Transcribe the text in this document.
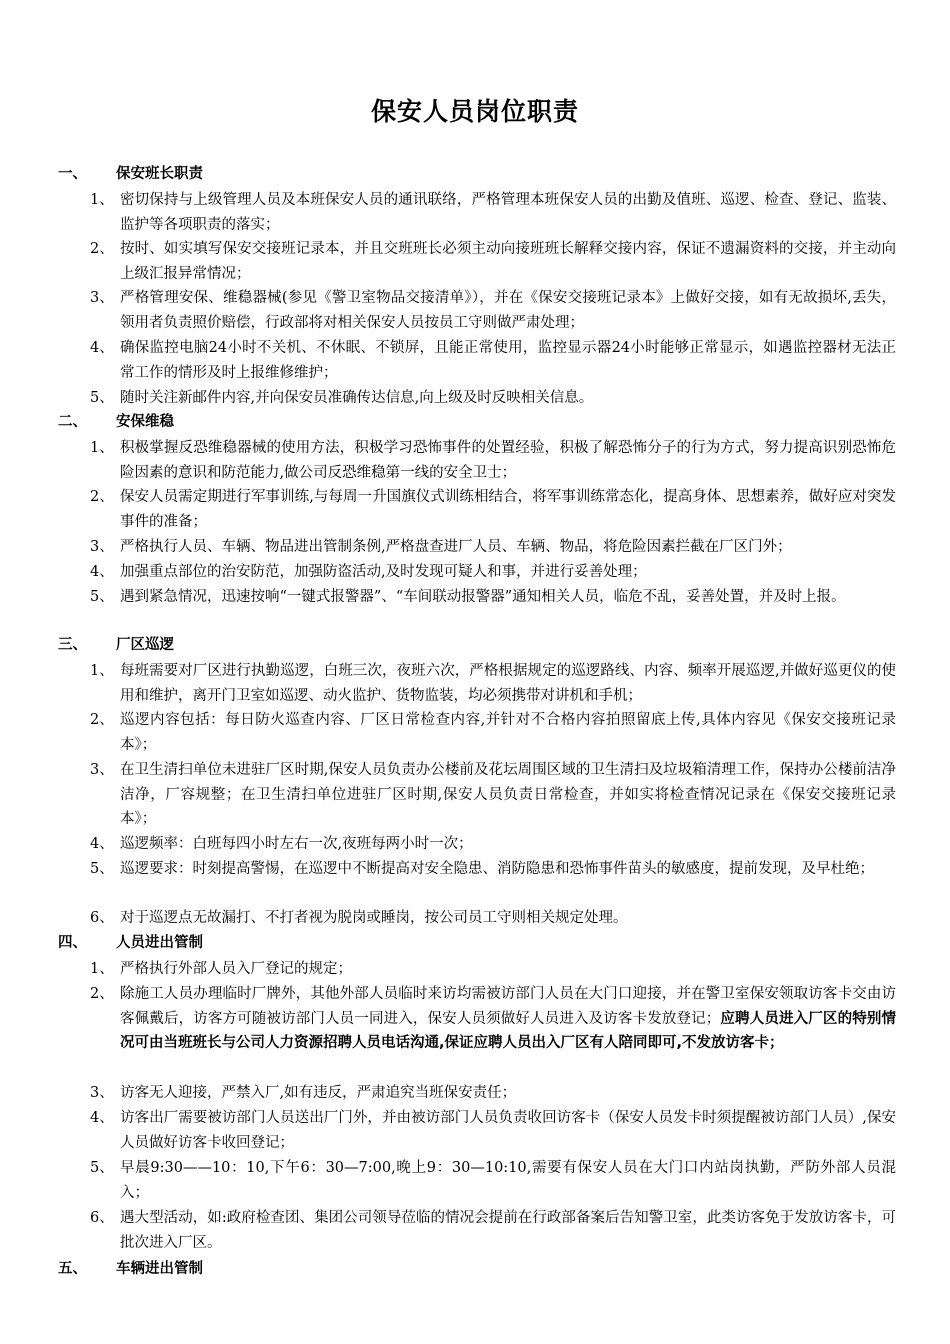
保安人员岗位职责
一、 保安班长职责
1、 密切保持与上级管理人员及本班保安人员的通讯联络，严格管理本班保安人员的出勤及值班、巡逻、检查、登记、监装、监护等各项职责的落实；
2、 按时、如实填写保安交接班记录本，并且交班班长必须主动向接班班长解释交接内容，保证不遗漏资料的交接，并主动向上级汇报异常情况；
3、 严格管理安保、维稳器械(参见《警卫室物品交接清单》），并在《保安交接班记录本》上做好交接，如有无故损坏,丢失，领用者负责照价赔偿，行政部将对相关保安人员按员工守则做严肃处理；
4、 确保监控电脑24小时不关机、不休眠、不锁屏，且能正常使用，监控显示器24小时能够正常显示，如遇监控器材无法正常工作的情形及时上报维修维护；
5、 随时关注新邮件内容,并向保安员准确传达信息,向上级及时反映相关信息。
二、 安保维稳
1、 积极掌握反恐维稳器械的使用方法，积极学习恐怖事件的处置经验，积极了解恐怖分子的行为方式，努力提高识别恐怖危险因素的意识和防范能力,做公司反恐维稳第一线的安全卫士；
2、 保安人员需定期进行军事训练,与每周一升国旗仪式训练相结合，将军事训练常态化，提高身体、思想素养，做好应对突发事件的准备；
3、 严格执行人员、车辆、物品进出管制条例,严格盘查进厂人员、车辆、物品，将危险因素拦截在厂区门外；
4、 加强重点部位的治安防范，加强防盗活动,及时发现可疑人和事，并进行妥善处理；
5、 遇到紧急情况，迅速按响“一键式报警器”、“车间联动报警器”通知相关人员，临危不乱，妥善处置，并及时上报。
三、 厂区巡逻
1、 每班需要对厂区进行执勤巡逻，白班三次，夜班六次，严格根据规定的巡逻路线、内容、频率开展巡逻,并做好巡更仪的使用和维护，离开门卫室如巡逻、动火监护、货物监装，均必须携带对讲机和手机；
2、 巡逻内容包括：每日防火巡查内容、厂区日常检查内容,并针对不合格内容拍照留底上传,具体内容见《保安交接班记录本》；
3、 在卫生清扫单位未进驻厂区时期,保安人员负责办公楼前及花坛周围区域的卫生清扫及垃圾箱清理工作，保持办公楼前洁净洁净，厂容规整；在卫生清扫单位进驻厂区时期,保安人员负责日常检查，并如实将检查情况记录在《保安交接班记录本》；
4、 巡逻频率：白班每四小时左右一次,夜班每两小时一次；
5、 巡逻要求：时刻提高警惕，在巡逻中不断提高对安全隐患、消防隐患和恐怖事件苗头的敏感度，提前发现，及早杜绝；
6、 对于巡逻点无故漏打、不打者视为脱岗或睡岗，按公司员工守则相关规定处理。
四、 人员进出管制
1、 严格执行外部人员入厂登记的规定；
2、 除施工人员办理临时厂牌外，其他外部人员临时来访均需被访部门人员在大门口迎接，并在警卫室保安领取访客卡交由访客佩戴后，访客方可随被访部门人员一同进入，保安人员须做好人员进入及访客卡发放登记；应聘人员进入厂区的特别情况可由当班班长与公司人力资源招聘人员电话沟通,保证应聘人员出入厂区有人陪同即可,不发放访客卡；
3、 访客无人迎接，严禁入厂,如有违反，严肃追究当班保安责任；
4、 访客出厂需要被访部门人员送出厂门外，并由被访部门人员负责收回访客卡（保安人员发卡时须提醒被访部门人员）,保安人员做好访客卡收回登记；
5、 早晨9:30——10：10,下午6：30—7:00,晚上9：30—10:10,需要有保安人员在大门口内站岗执勤，严防外部人员混入；
6、 遇大型活动，如:政府检查团、集团公司领导莅临的情况会提前在行政部备案后告知警卫室，此类访客免于发放访客卡，可批次进入厂区。
五、 车辆进出管制
